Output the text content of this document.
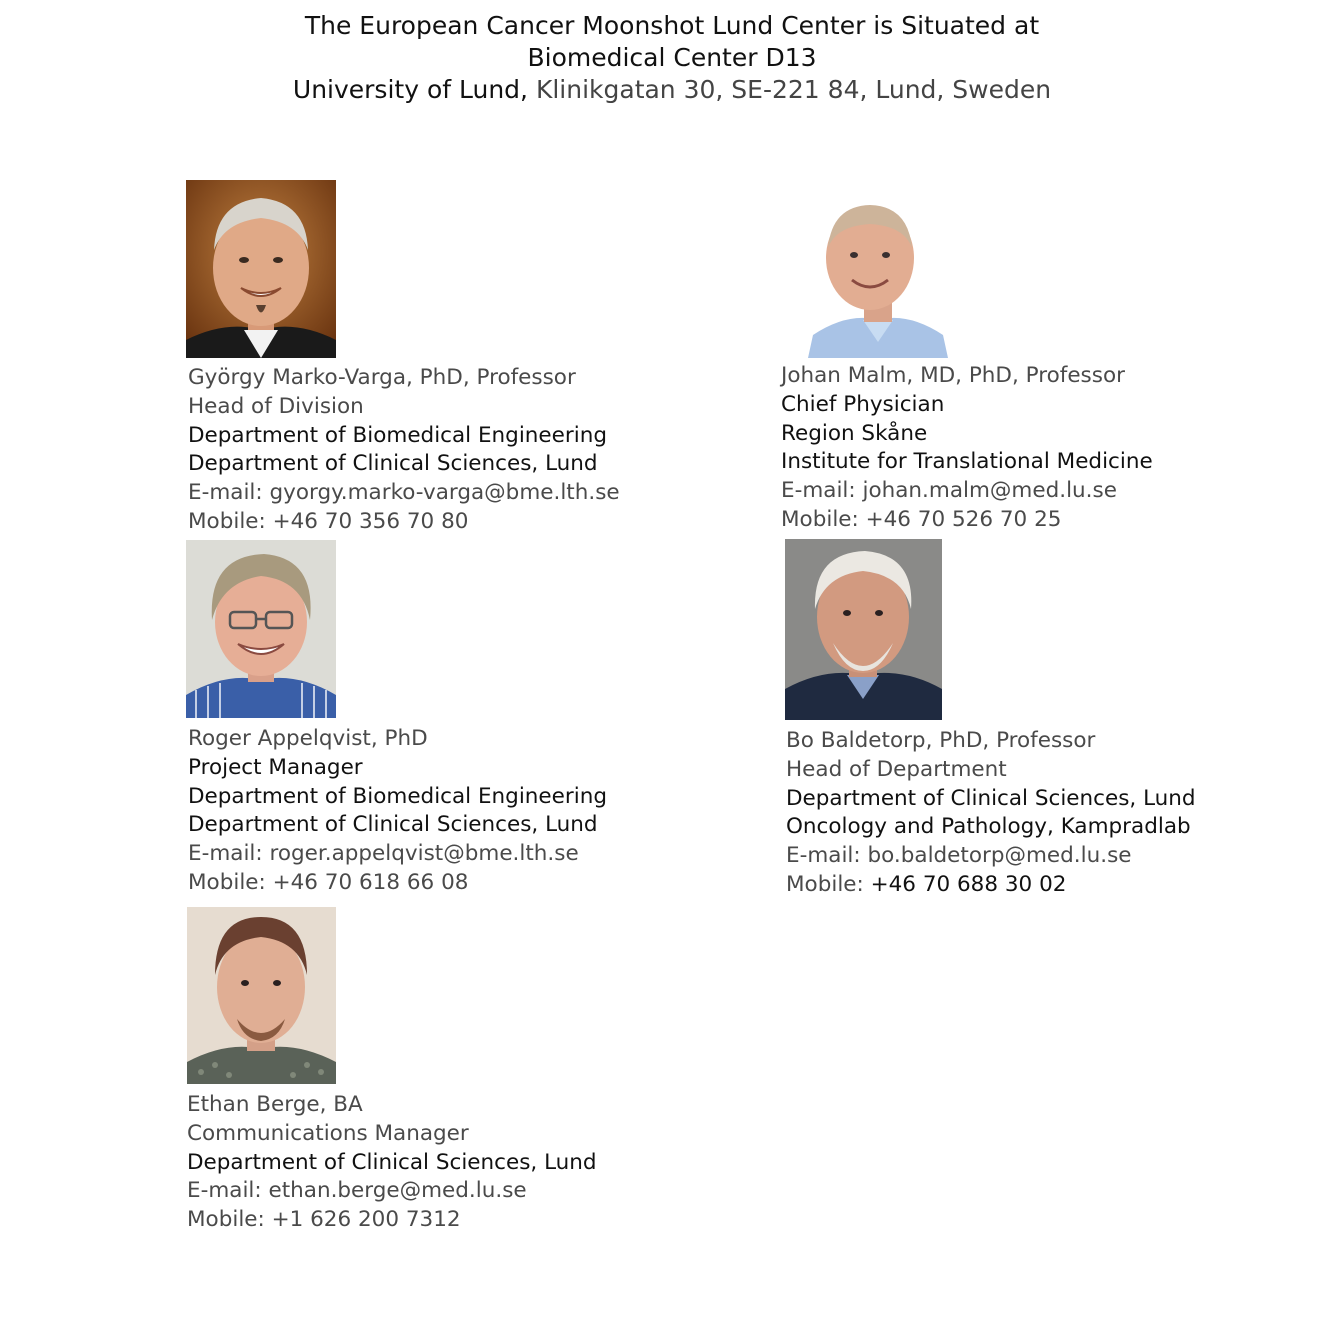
The European Cancer Moonshot Lund Center is Situated at
Biomedical Center D13
University of Lund, Klinikgatan 30, SE-221 84, Lund, Sweden
György Marko-Varga, PhD, Professor
Head of Division
Department of Biomedical Engineering
Department of Clinical Sciences, Lund
E-mail: gyorgy.marko-varga@bme.lth.se
Mobile: +46 70 356 70 80
Johan Malm, MD, PhD, Professor
Chief Physician
Region Skåne
Institute for Translational Medicine
E-mail: johan.malm@med.lu.se
Mobile: +46 70 526 70 25
Roger Appelqvist, PhD
Project Manager
Department of Biomedical Engineering
Department of Clinical Sciences, Lund
E-mail: roger.appelqvist@bme.lth.se
Mobile: +46 70 618 66 08
Bo Baldetorp, PhD, Professor
Head of Department
Department of Clinical Sciences, Lund
Oncology and Pathology, Kampradlab
E-mail: bo.baldetorp@med.lu.se
Mobile: +46 70 688 30 02
Ethan Berge, BA
Communications Manager
Department of Clinical Sciences, Lund
E-mail: ethan.berge@med.lu.se
Mobile: +1 626 200 7312
